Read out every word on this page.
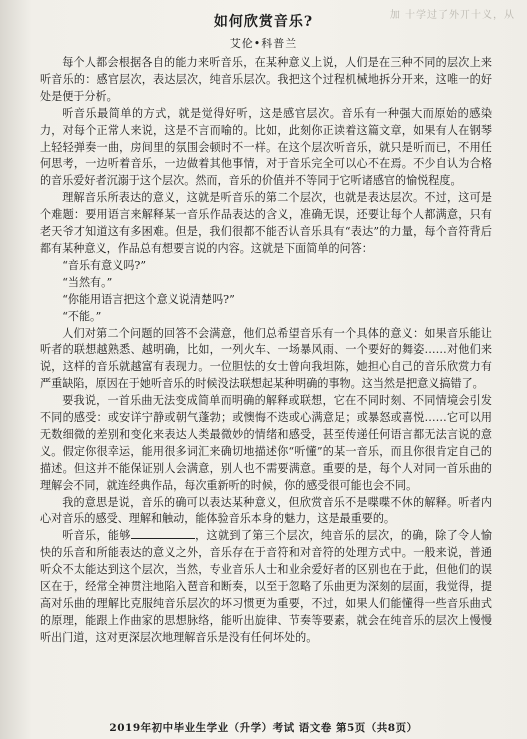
加 十学过了外丌十义，从
如何欣赏音乐?
艾伦•科普兰

每个人都会根据各自的能力来听音乐，在某种意义上说，人们是在三种不同的层次上来听音乐的：感官层次，表达层次，纯音乐层次。我把这个过程机械地拆分开来，这唯一的好处是便于分析。

听音乐最简单的方式，就是觉得好听，这是感官层次。音乐有一种强大而原始的感染力，对每个正常人来说，这是不言而喻的。比如，此刻你正读着这篇文章，如果有人在钢琴上轻轻弹奏一曲，房间里的氛围会顿时不一样。在这个层次听音乐，就只是听而已，不用任何思考，一边听着音乐，一边做着其他事情，对于音乐完全可以心不在焉。不少自认为合格的音乐爱好者沉溺于这个层次。然而，音乐的价值并不等同于它听诸感官的愉悦程度。

理解音乐所表达的意义，这就是听音乐的第二个层次，也就是表达层次。不过，这可是个难题：要用语言来解释某一音乐作品表达的含义，准确无误，还要让每个人都满意，只有老天爷才知道这有多困难。但是，我们很都不能否认音乐具有“表达”的力量，每个音符背后都有某种意义，作品总有想要言说的内容。这就是下面简单的问答：

“音乐有意义吗?”

“当然有。”

“你能用语言把这个意义说清楚吗?”

“不能。”

人们对第二个问题的回答不会满意，他们总希望音乐有一个具体的意义：如果音乐能让听者的联想越熟悉、越明确，比如，一列火车、一场暴风雨、一个要好的舞姿……对他们来说，这样的音乐就越富有表现力。一位胆怯的女士曾向我坦陈，她担心自己的音乐欣赏力有严重缺陷，原因在于她听音乐的时候没法联想起某种明确的事物。这当然是把意义搞错了。

要我说，一首乐曲无法变成简单而明确的解释或联想，它在不同时刻、不同情境会引发不同的感受：或安详宁静或朝气蓬勃；或懊悔不迭或心满意足；或暴怒或喜悦……它可以用无数细微的差别和变化来表达人类最微妙的情绪和感受，甚至传递任何语言都无法言说的意义。假定你很幸运，能用很多词汇来确切地描述你“听懂”的某一音乐，而且你很肯定自己的描述。但这并不能保证别人会满意，别人也不需要满意。重要的是，每个人对同一首乐曲的理解会不同，就连经典作品，每次重新听的时候，你的感受很可能也会不同。

我的意思是说，音乐的确可以表达某种意义，但欣赏音乐不是喋喋不休的解释。听者内心对音乐的感受、理解和触动，能体验音乐本身的魅力，这是最重要的。

听音乐，能够	，这就到了第三个层次，纯音乐的层次，的确，除了令人愉快的乐音和所能表达的意义之外，音乐存在于音符和对音符的处理方式中。一般来说，普通听众不太能达到这个层次，当然，专业音乐人士和业余爱好者的区别也在于此，但他们的误区在于，经常全神贯注地陷入琶音和断奏，以至于忽略了乐曲更为深刻的层面，我觉得，提高对乐曲的理解比克服纯音乐层次的坏习惯更为重要，不过，如果人们能懂得一些音乐曲式的原理，能跟上作曲家的思想脉络，能听出旋律、节奏等要素，就会在纯音乐的层次上慢慢听出门道，这对更深层次地理解音乐是没有任何坏处的。

2019年初中毕业生学业（升学）考试 语文卷 第5页（共8页）
